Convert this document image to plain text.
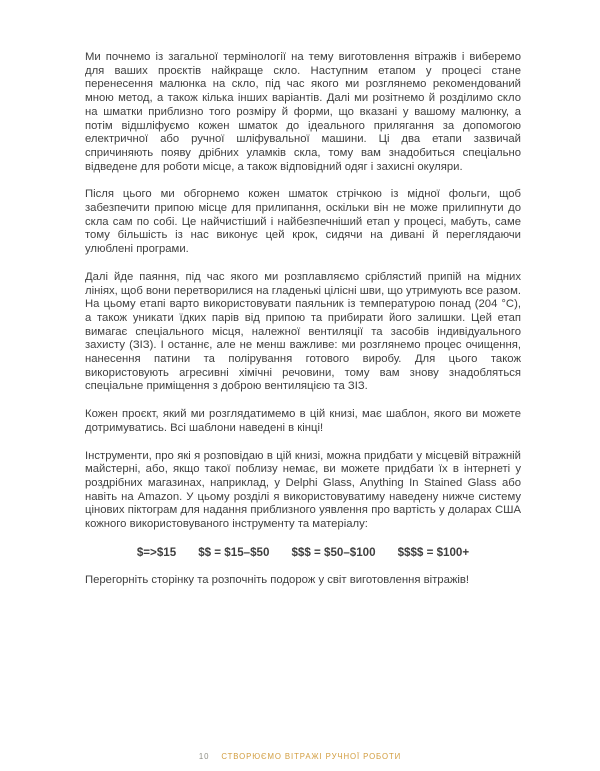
Ми почнемо із загальної термінології на тему виготовлення вітражів і виберемо для ваших проєктів найкраще скло. Наступним етапом у процесі стане перенесення малюнка на скло, під час якого ми розглянемо рекомендований мною метод, а також кілька інших варіантів. Далі ми розітнемо й розділимо скло на шматки приблизно того розміру й форми, що вказані у вашому малюнку, а потім відшліфуємо кожен шматок до ідеального прилягання за допомогою електричної або ручної шліфувальної машини. Ці два етапи зазвичай спричиняють появу дрібних уламків скла, тому вам знадобиться спеціально відведене для роботи місце, а також відповідний одяг і захисні окуляри.

Після цього ми обгорнемо кожен шматок стрічкою із мідної фольги, щоб забезпечити припою місце для прилипання, оскільки він не може прилипнути до скла сам по собі. Це найчистіший і найбезпечніший етап у процесі, мабуть, саме тому більшість із нас виконує цей крок, сидячи на дивані й переглядаючи улюблені програми.

Далі йде паяння, під час якого ми розплавляємо сріблястий припій на мідних лініях, щоб вони перетворилися на гладенькі цілісні шви, що утримують все разом. На цьому етапі варто використовувати паяльник із температурою понад (204 °C), а також уникати їдких парів від припою та прибирати його залишки. Цей етап вимагає спеціального місця, належної вентиляції та засобів індивідуального захисту (ЗІЗ). І останнє, але не менш важливе: ми розглянемо процес очищення, нанесення патини та полірування готового виробу. Для цього також використовують агресивні хімічні речовини, тому вам знову знадобляться спеціальне приміщення з доброю вентиляцією та ЗІЗ.

Кожен проєкт, який ми розглядатимемо в цій книзі, має шаблон, якого ви можете дотримуватись. Всі шаблони наведені в кінці!

Інструменти, про які я розповідаю в цій книзі, можна придбати у місцевій вітражній майстерні, або, якщо такої поблизу немає, ви можете придбати їх в інтернеті у роздрібних магазинах, наприклад, у Delphi Glass, Anything In Stained Glass або навіть на Amazon. У цьому розділі я використовуватиму наведену нижче систему цінових піктограм для надання приблизного уявлення про вартість у доларах США кожного використовуваного інструменту та матеріалу:

$=>$15 $$ = $15–$50 $$$ = $50–$100 $$$$ = $100+

Перегорніть сторінку та розпочніть подорож у світ виготовлення вітражів!

10 СТВОРЮЄМО ВІТРАЖІ РУЧНОЇ РОБОТИ
